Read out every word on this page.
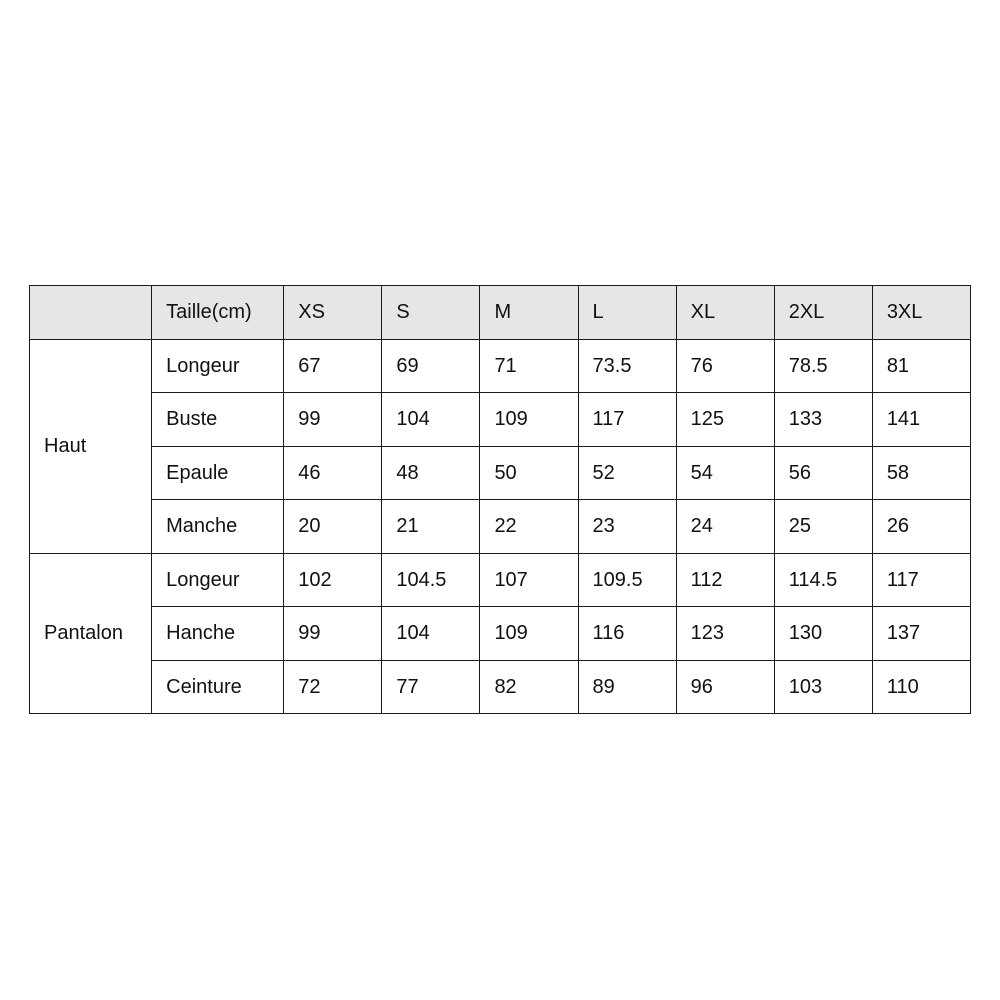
	Taille(cm)	XS	S	M	L	XL	2XL	3XL
Haut	Longeur	67	69	71	73.5	76	78.5	81
	Buste	99	104	109	117	125	133	141
	Epaule	46	48	50	52	54	56	58
	Manche	20	21	22	23	24	25	26
Pantalon	Longeur	102	104.5	107	109.5	112	114.5	117
	Hanche	99	104	109	116	123	130	137
	Ceinture	72	77	82	89	96	103	110
